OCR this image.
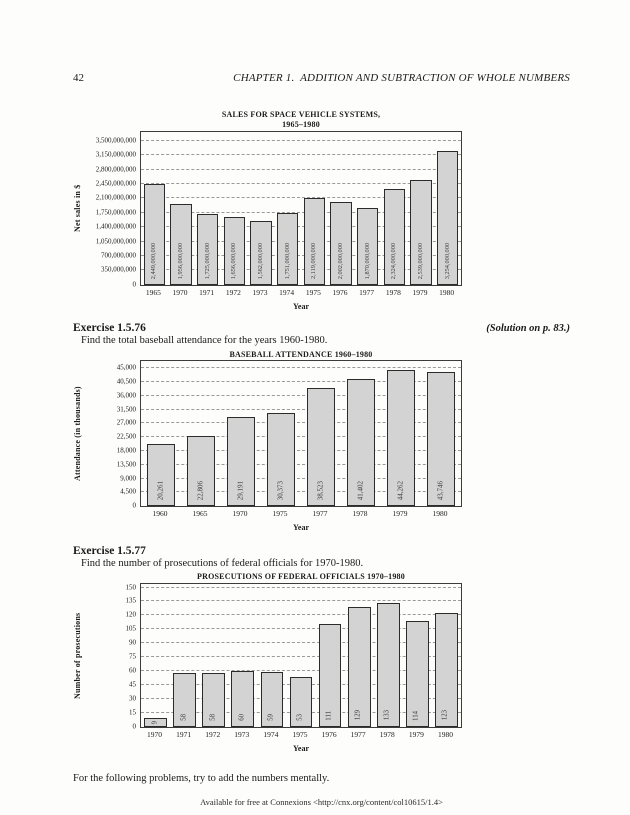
42	CHAPTER 1.  ADDITION AND SUBTRACTION OF WHOLE NUMBERS
SALES FOR SPACE VEHICLE SYSTEMS,
1965–1980
Net sales in $
0
350,000,000
700,000,000
1,050,000,000
1,400,000,000
1,750,000,000
2,100,000,000
2,450,000,000
2,800,000,000
3,150,000,000
3,500,000,000
2,449,000,000	1,956,000,000	1,725,000,000	1,656,000,000	1,562,000,000	1,751,000,000	2,119,000,000	2,002,000,000	1,870,000,000	2,324,000,000	2,539,000,000	3,254,000,000
1965	1970	1971	1972	1973	1974	1975	1976	1977	1978	1979	1980
Year
Exercise 1.5.76	(Solution on p. 83.)

Find the total baseball attendance for the years 1960-1980.

BASEBALL ATTENDANCE 1960–1980
Attendance (in thousands)
0
4,500
9,000
13,500
18,000
22,500
27,000
31,500
36,000
40,500
45,000
20,261	22,806	29,191	30,373	38,523	41,402	44,262	43,746
1960	1965	1970	1975	1977	1978	1979	1980
Year
Exercise 1.5.77

Find the number of prosecutions of federal officials for 1970-1980.

PROSECUTIONS OF FEDERAL OFFICIALS 1970–1980
Number of prosecutions
0
15
30
45
60
75
90
105
120
135
150
9
58	58	60	59	53	111	129	133	114	123
1970	1971	1972	1973	1974	1975	1976	1977	1978	1979	1980
Year

For the following problems, try to add the numbers mentally.

Available for free at Connexions <http://cnx.org/content/col10615/1.4>
